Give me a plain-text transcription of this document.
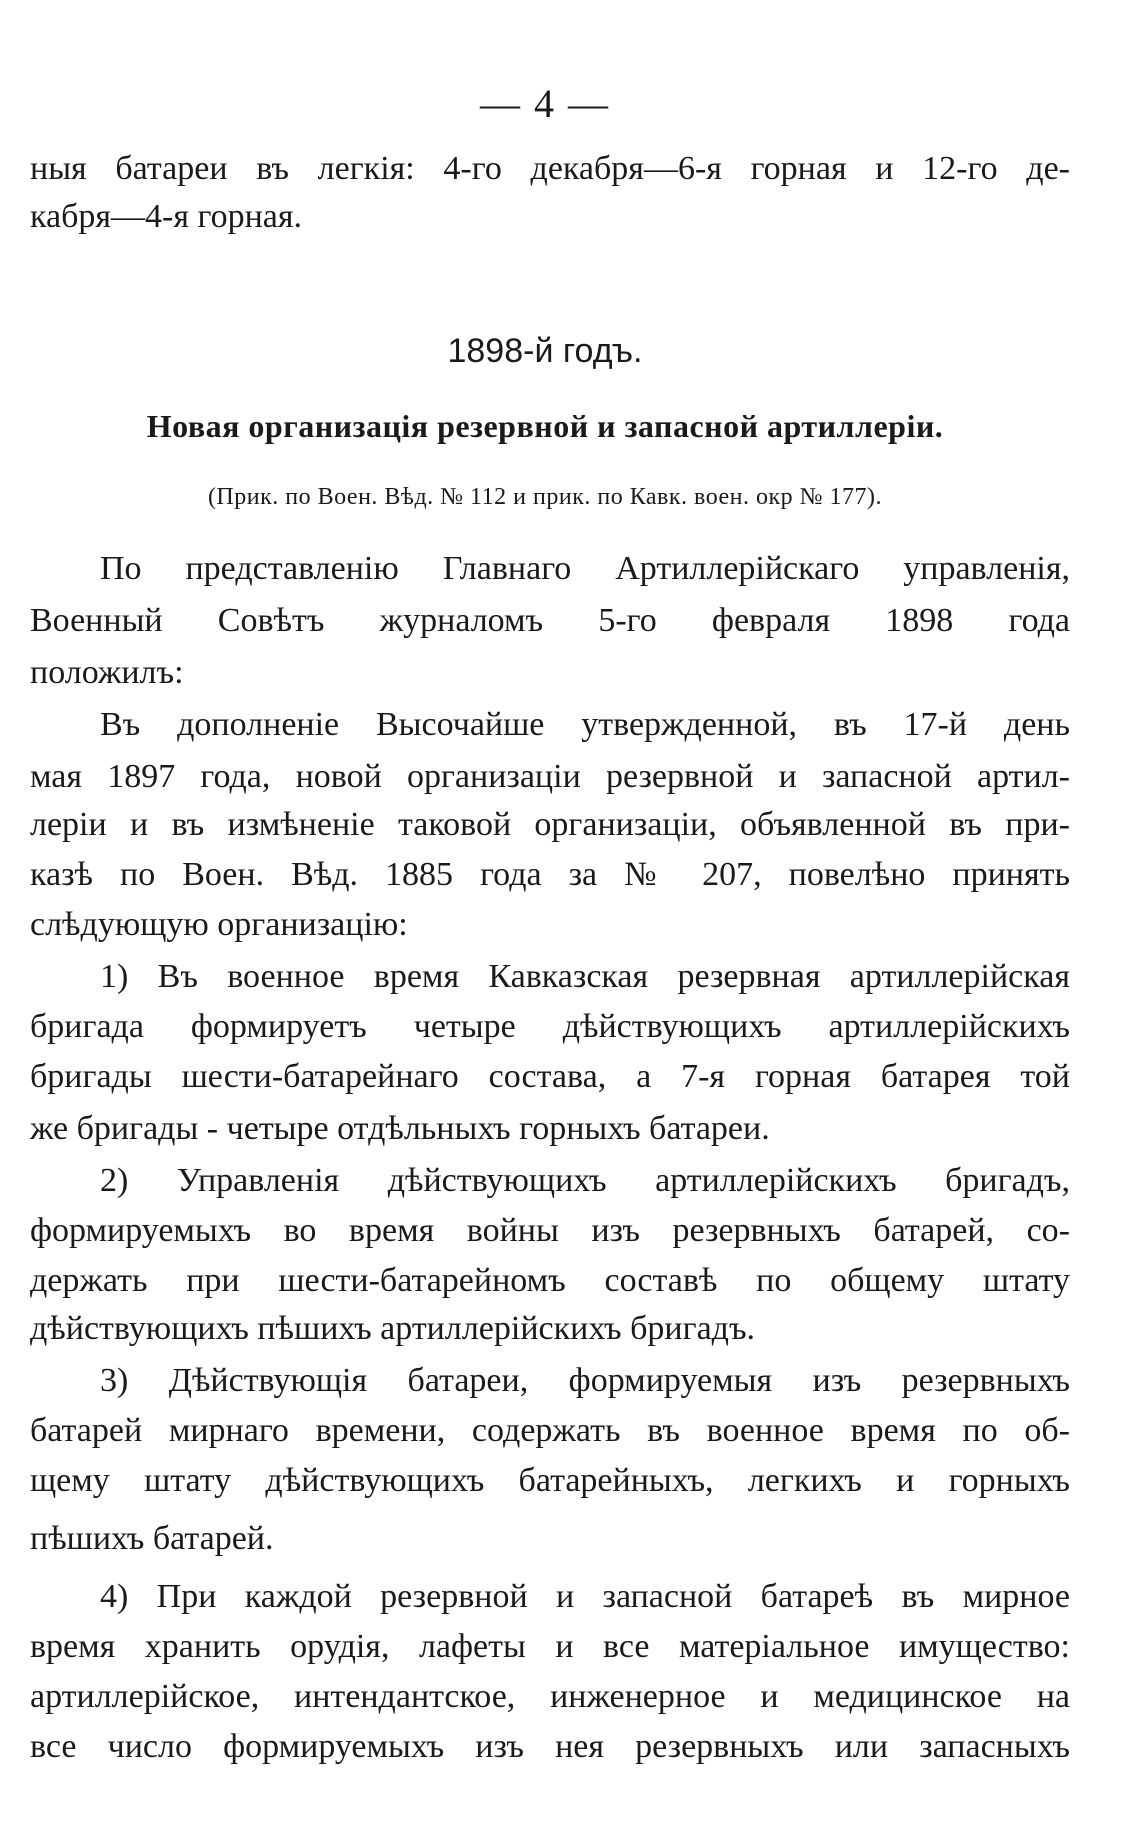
— 4 —
ныя батареи въ легкія: 4-го декабря—6-я горная и 12-го де-
кабря—4-я горная.
1898-й годъ.
Новая организація резервной и запасной артиллеріи.
(Прик. по Воен. Вѣд. № 112 и прик. по Кавк. воен. окр № 177).
По представленію Главнаго Артиллерійскаго управленія,
Военный Совѣтъ журналомъ 5-го февраля 1898 года
положилъ:
Въ дополненіе Высочайше утвержденной, въ 17-й день
мая 1897 года, новой организаціи резервной и запасной артил-
леріи и въ измѣненіе таковой организаціи, объявленной въ при-
казѣ по Воен. Вѣд. 1885 года за № 207, повелѣно принять
слѣдующую организацію:
1) Въ военное время Кавказская резервная артиллерійская
бригада формируетъ четыре дѣйствующихъ артиллерійскихъ
бригады шести-батарейнаго состава, а 7-я горная батарея той
же бригады - четыре отдѣльныхъ горныхъ батареи.
2) Управленія дѣйствующихъ артиллерійскихъ бригадъ,
формируемыхъ во время войны изъ резервныхъ батарей, со-
держать при шести-батарейномъ составѣ по общему штату
дѣйствующихъ пѣшихъ артиллерійскихъ бригадъ.
3) Дѣйствующія батареи, формируемыя изъ резервныхъ
батарей мирнаго времени, содержать въ военное время по об-
щему штату дѣйствующихъ батарейныхъ, легкихъ и горныхъ
пѣшихъ батарей.
4) При каждой резервной и запасной батареѣ въ мирное
время хранить орудія, лафеты и все матеріальное имущество:
артиллерійское, интендантское, инженерное и медицинское на
все число формируемыхъ изъ нея резервныхъ или запасныхъ
